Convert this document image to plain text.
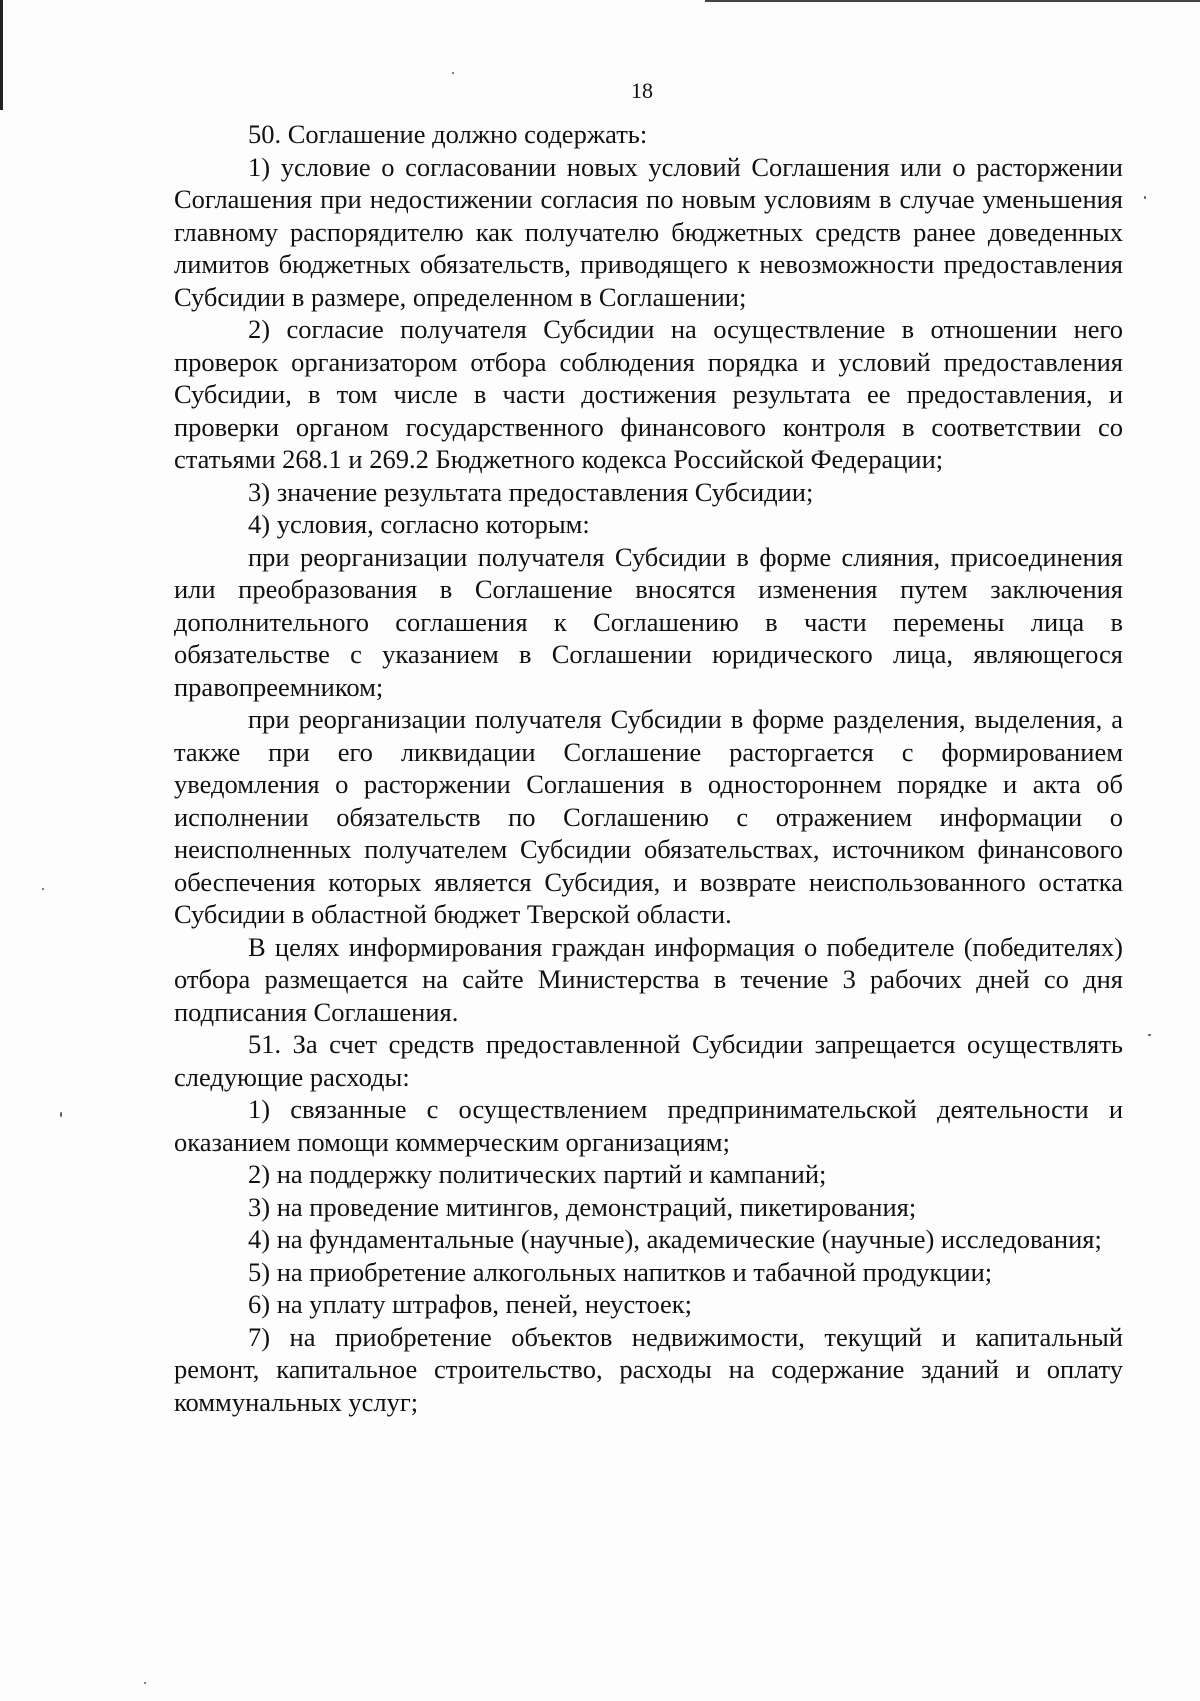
18

50. Соглашение должно содержать:

1) условие о согласовании новых условий Соглашения или о расторжении Соглашения при недостижении согласия по новым условиям в случае уменьшения главному распорядителю как получателю бюджетных средств ранее доведенных лимитов бюджетных обязательств, приводящего к невозможности предоставления Субсидии в размере, определенном в Соглашении;

2) согласие получателя Субсидии на осуществление в отношении него проверок организатором отбора соблюдения порядка и условий предоставления Субсидии, в том числе в части достижения результата ее предоставления, и проверки органом государственного финансового контроля в соответствии со статьями 268.1 и 269.2 Бюджетного кодекса Российской Федерации;

3) значение результата предоставления Субсидии;

4) условия, согласно которым:

при реорганизации получателя Субсидии в форме слияния, присоединения или преобразования в Соглашение вносятся изменения путем заключения дополнительного соглашения к Соглашению в части перемены лица в обязательстве с указанием в Соглашении юридического лица, являющегося правопреемником;

при реорганизации получателя Субсидии в форме разделения, выделения, а также при его ликвидации Соглашение расторгается с формированием уведомления о расторжении Соглашения в одностороннем порядке и акта об исполнении обязательств по Соглашению с отражением информации о неисполненных получателем Субсидии обязательствах, источником финансового обеспечения которых является Субсидия, и возврате неиспользованного остатка Субсидии в областной бюджет Тверской области.

В целях информирования граждан информация о победителе (победителях) отбора размещается на сайте Министерства в течение 3 рабочих дней со дня подписания Соглашения.

51. За счет средств предоставленной Субсидии запрещается осуществлять следующие расходы:

1) связанные с осуществлением предпринимательской деятельности и оказанием помощи коммерческим организациям;

2) на поддержку политических партий и кампаний;

3) на проведение митингов, демонстраций, пикетирования;

4) на фундаментальные (научные), академические (научные) исследования;

5) на приобретение алкогольных напитков и табачной продукции;

6) на уплату штрафов, пеней, неустоек;

7) на приобретение объектов недвижимости, текущий и капитальный ремонт, капитальное строительство, расходы на содержание зданий и оплату коммунальных услуг;
